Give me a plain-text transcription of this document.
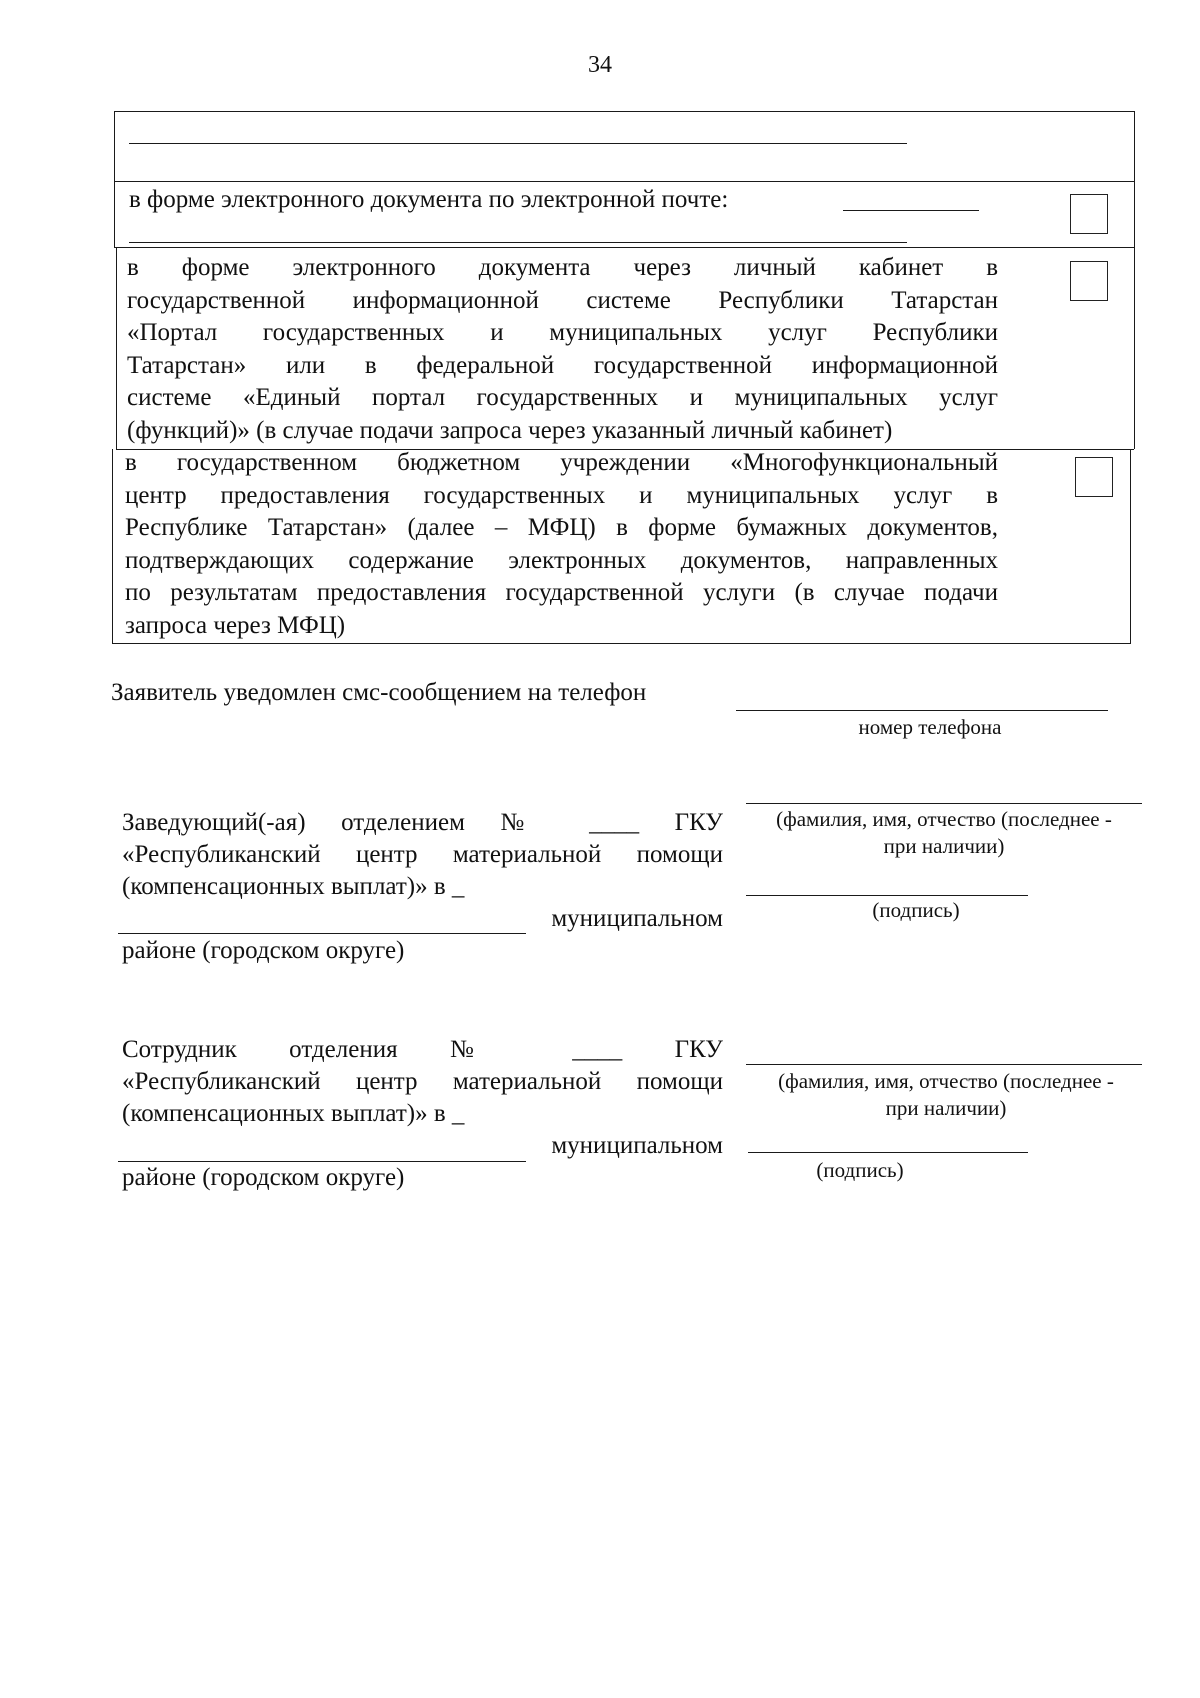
34
в форме электронного документа по электронной почте:
в форме электронного документа через личный кабинет в
государственной информационной системе Республики Татарстан
«Портал государственных и муниципальных услуг Республики
Татарстан» или в федеральной государственной информационной
системе «Единый портал государственных и муниципальных услуг
(функций)» (в случае подачи запроса через указанный личный кабинет)
в государственном бюджетном учреждении «Многофункциональный
центр предоставления государственных и муниципальных услуг в
Республике Татарстан» (далее – МФЦ) в форме бумажных документов,
подтверждающих содержание электронных документов, направленных
по результатам предоставления государственной услуги (в случае подачи
запроса через МФЦ)
Заявитель уведомлен смс-сообщением на телефон
номер телефона
Заведующий(-ая) отделением № ____ ГКУ
«Республиканский центр материальной помощи
(компенсационных выплат)» в _
муниципальном
районе (городском округе)
(фамилия, имя, отчество (последнее -
при наличии)
(подпись)
Сотрудник отделения № ____ ГКУ
«Республиканский центр материальной помощи
(компенсационных выплат)» в _
муниципальном
районе (городском округе)
(фамилия, имя, отчество (последнее -
при наличии)
(подпись)
